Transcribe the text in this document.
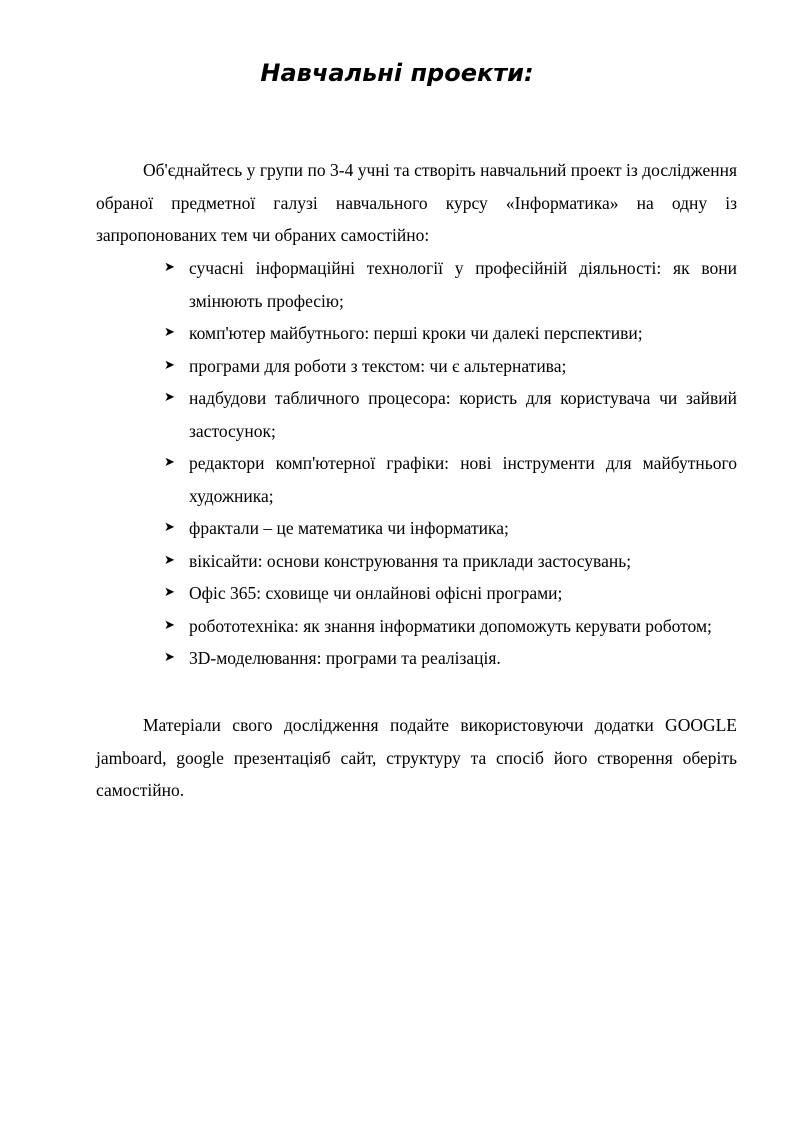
Навчальні проекти:

Об'єднайтесь у групи по 3-4 учні та створіть навчальний проект із дослідження обраної предметної галузі навчального курсу «Інформатика» на одну із запропонованих тем чи обраних самостійно:

➤ сучасні інформаційні технології у професійній діяльності: як вони змінюють професію;
➤ комп'ютер майбутнього: перші кроки чи далекі перспективи;
➤ програми для роботи з текстом: чи є альтернатива;
➤ надбудови табличного процесора: користь для користувача чи зайвий застосунок;
➤ редактори комп'ютерної графіки: нові інструменти для майбутнього художника;
➤ фрактали – це математика чи інформатика;
➤ вікісайти: основи конструювання та приклади застосувань;
➤ Офіс 365: сховище чи онлайнові офісні програми;
➤ робототехніка: як знання інформатики допоможуть керувати роботом;
➤ 3D-моделювання: програми та реалізація.

Матеріали свого дослідження подайте використовуючи додатки GOOGLE jamboard, google презентаціяб сайт, структуру та спосіб його створення оберіть самостійно.
